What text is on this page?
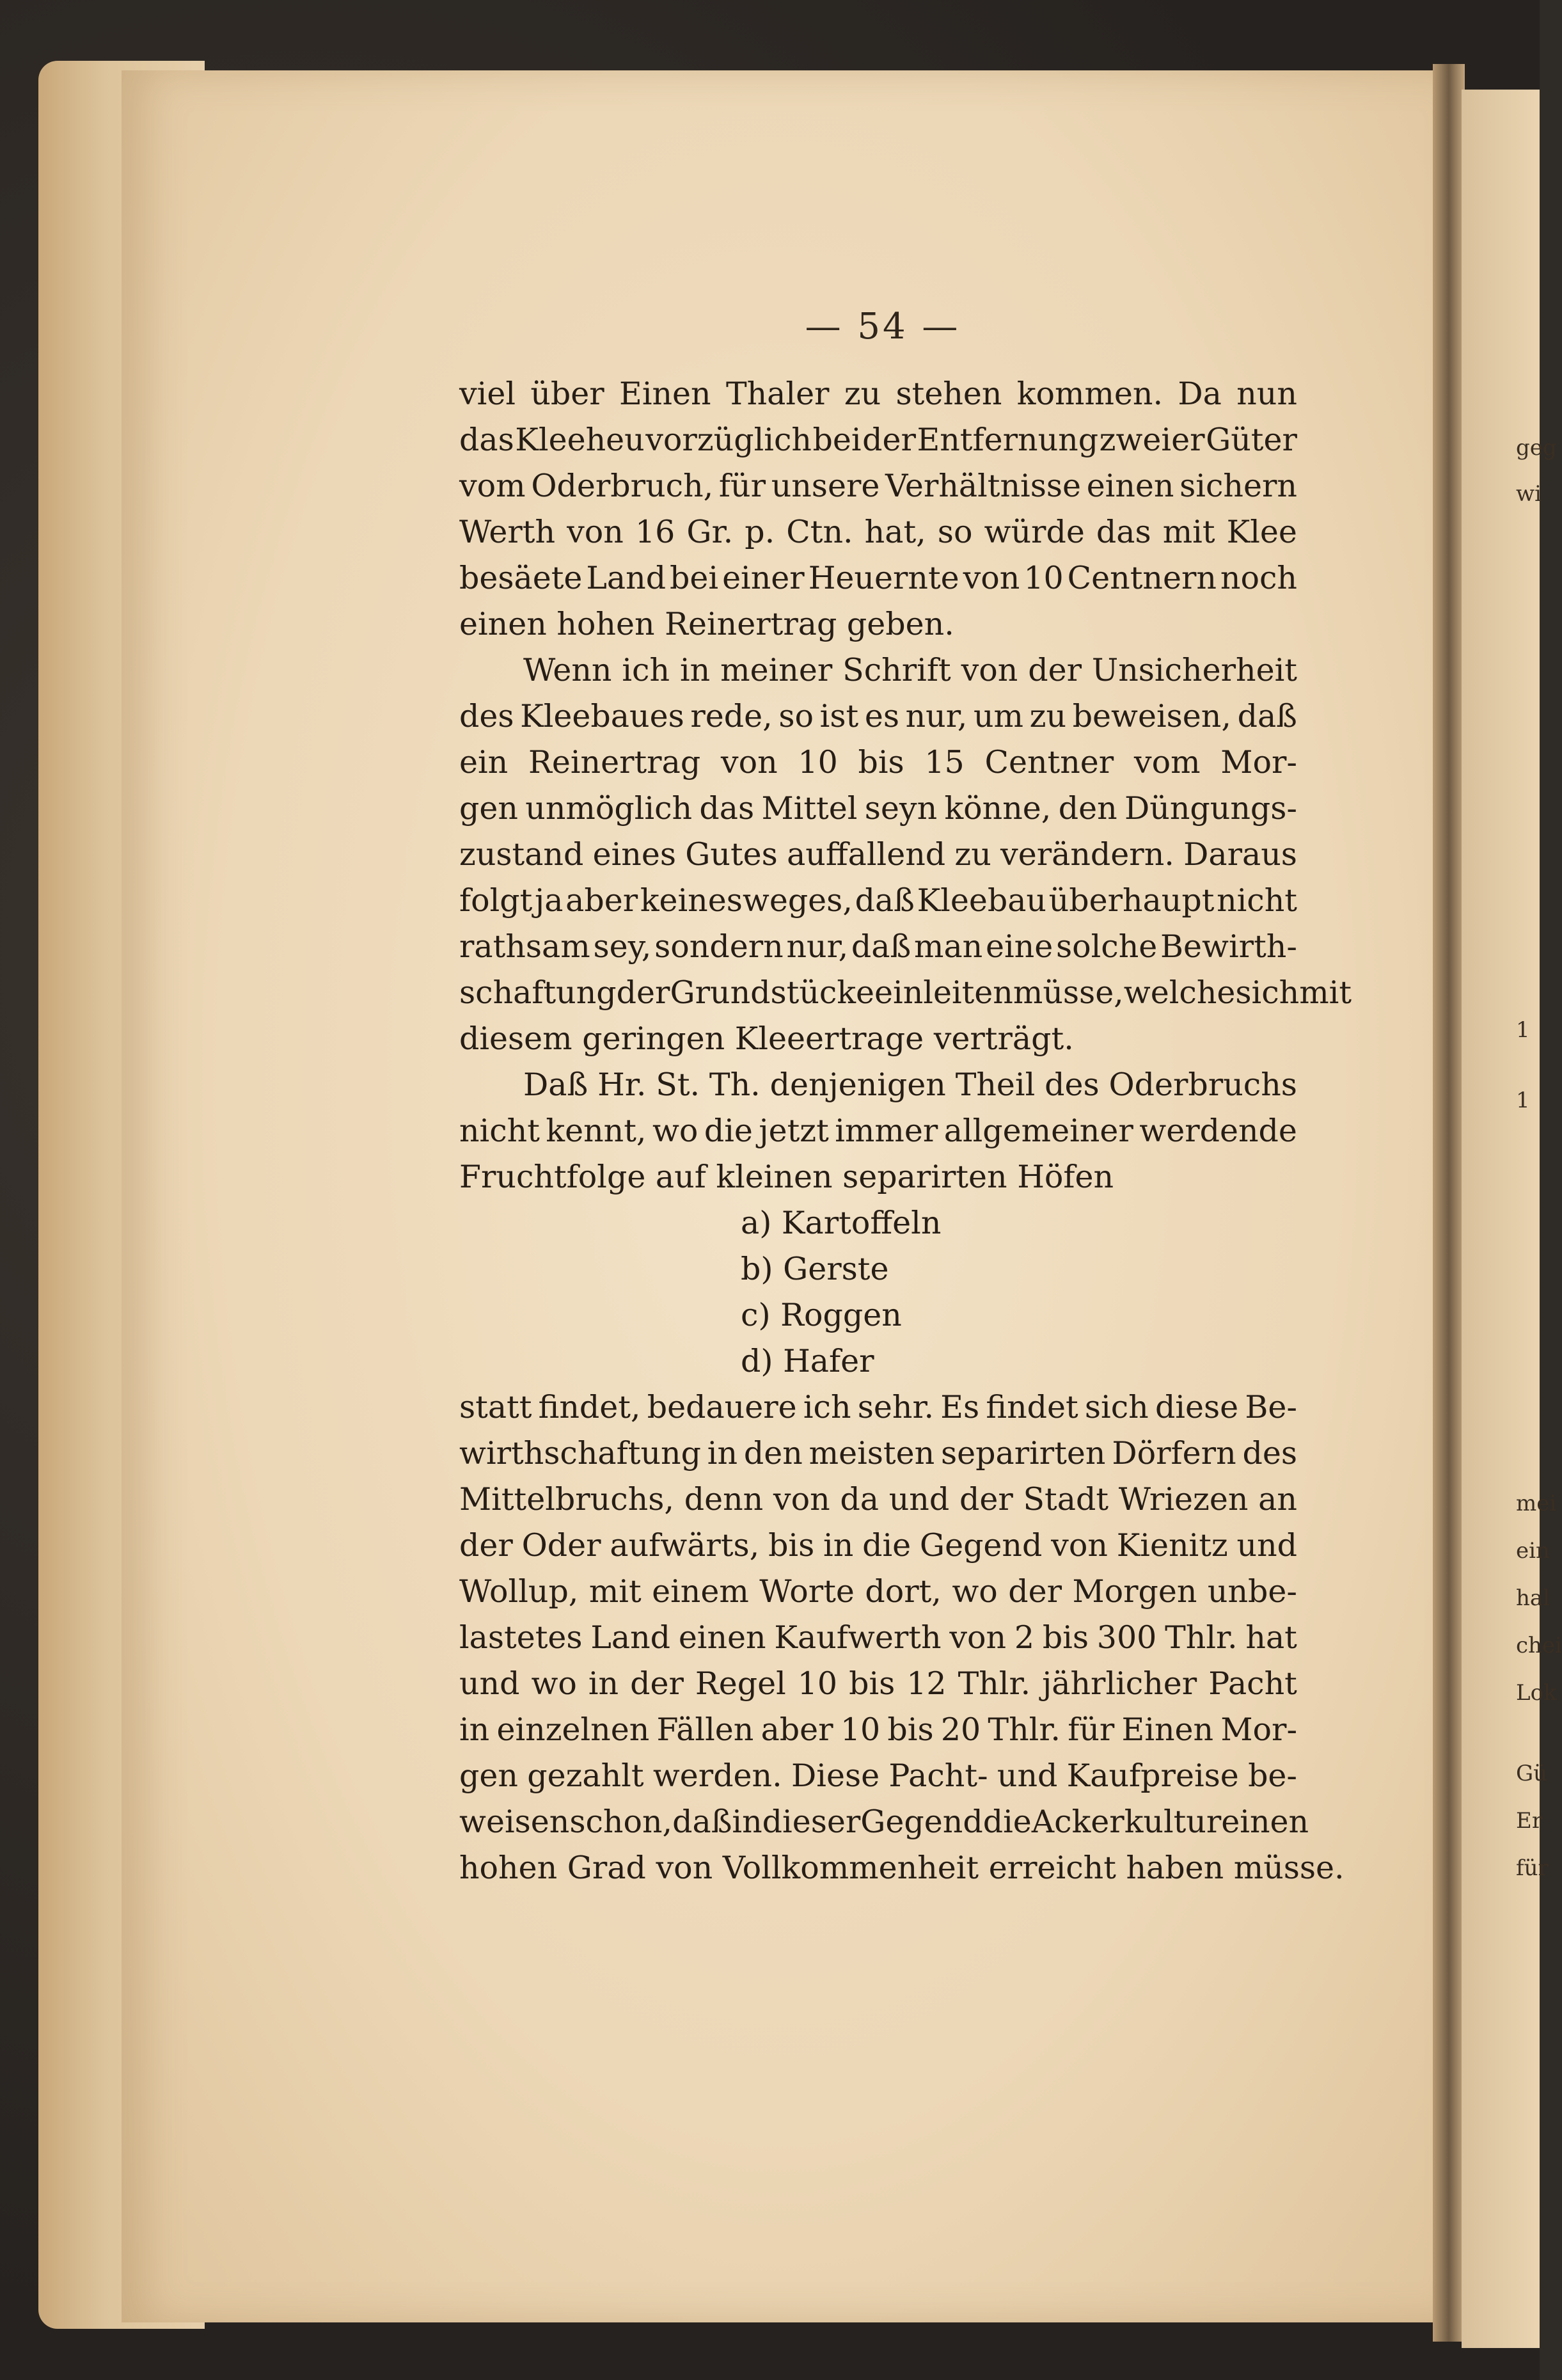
geg
wi
1
1
mei
ein
hal
chei
Lok
Gü
Er
für
— 54 —
viel über Einen Thaler zu stehen kommen. Da nun
das Kleeheu vorzüglich bei der Entfernung zweier Güter
vom Oderbruch, für unsere Verhältnisse einen sichern
Werth von 16 Gr. p. Ctn. hat, so würde das mit Klee
besäete Land bei einer Heuernte von 10 Centnern noch
einen hohen Reinertrag geben.
Wenn ich in meiner Schrift von der Unsicherheit
des Kleebaues rede, so ist es nur, um zu beweisen, daß
ein Reinertrag von 10 bis 15 Centner vom Mor-
gen unmöglich das Mittel seyn könne, den Düngungs-
zustand eines Gutes auffallend zu verändern. Daraus
folgt ja aber keinesweges, daß Kleebau überhaupt nicht
rathsam sey, sondern nur, daß man eine solche Bewirth-
schaftung der Grundstücke einleiten müsse, welche sich mit
diesem geringen Kleeertrage verträgt.
Daß Hr. St. Th. denjenigen Theil des Oderbruchs
nicht kennt, wo die jetzt immer allgemeiner werdende
Fruchtfolge auf kleinen separirten Höfen
a) Kartoffeln
b) Gerste
c) Roggen
d) Hafer
statt findet, bedauere ich sehr. Es findet sich diese Be-
wirthschaftung in den meisten separirten Dörfern des
Mittelbruchs, denn von da und der Stadt Wriezen an
der Oder aufwärts, bis in die Gegend von Kienitz und
Wollup, mit einem Worte dort, wo der Morgen unbe-
lastetes Land einen Kaufwerth von 2 bis 300 Thlr. hat
und wo in der Regel 10 bis 12 Thlr. jährlicher Pacht
in einzelnen Fällen aber 10 bis 20 Thlr. für Einen Mor-
gen gezahlt werden. Diese Pacht- und Kaufpreise be-
weisen schon, daß in dieser Gegend die Ackerkultur einen
hohen Grad von Vollkommenheit erreicht haben müsse.
